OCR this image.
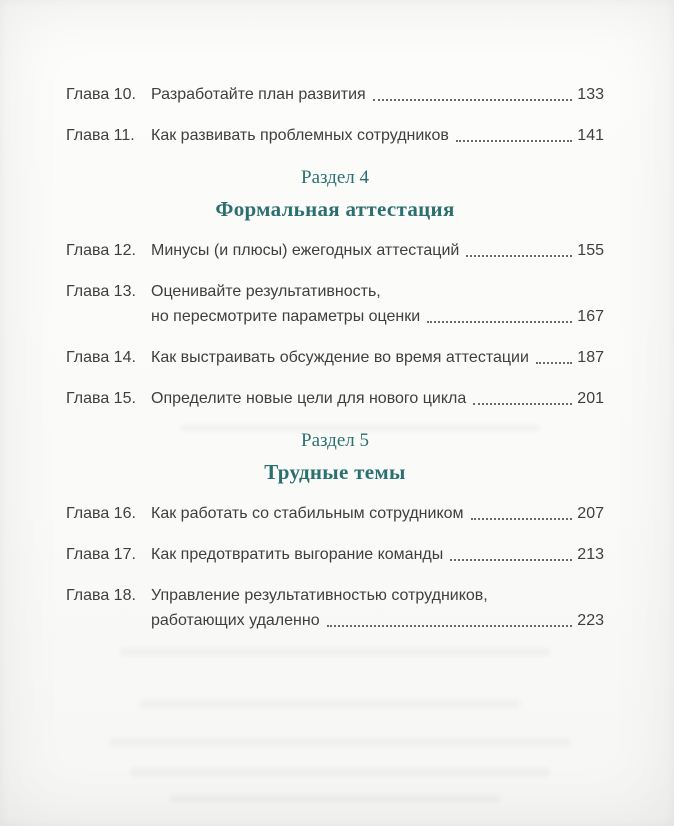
Глава 10. Разработайте план развития	133
Глава 11.	Как развивать проблемных сотрудников	141
Раздел 4
Формальная аттестация
Глава 12. Минусы (и плюсы) ежегодных аттестаций	155
Глава 13. Оценивайте результативность,
но пересмотрите параметры оценки	167
Глава 14. Как выстраивать обсуждение во время аттестации	187
Глава 15. Определите новые цели для нового цикла	201
Раздел 5
Трудные темы
Глава 16. Как работать со стабильным сотрудником	207
Глава 17. Как предотвратить выгорание команды	213
Глава 18. Управление результативностью сотрудников,
работающих удаленно	223
